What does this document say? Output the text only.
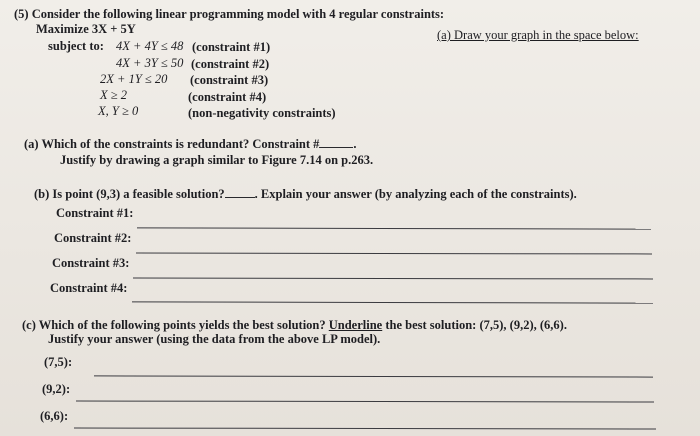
(5) Consider the following linear programming model with 4 regular constraints:
Maximize 3X + 5Y	(a) Draw your graph in the space below:
subject to: 4X + 4Y ≤ 48 (constraint #1)
4X + 3Y ≤ 50 (constraint #2)
2X + 1Y ≤ 20 (constraint #3)
X ≥ 2	(constraint #4)
X, Y ≥ 0	(non-negativity constraints)
(a) Which of the constraints is redundant? Constraint #	.
Justify by drawing a graph similar to Figure 7.14 on p.263.
(b) Is point (9,3) a feasible solution? . Explain your answer (by analyzing each of the constraints).
Constraint #1:
Constraint #2:
Constraint #3:
Constraint #4:
(c) Which of the following points yields the best solution? Underline the best solution: (7,5), (9,2), (6,6).
Justify your answer (using the data from the above LP model).
(7,5):
(9,2):
(6,6):
